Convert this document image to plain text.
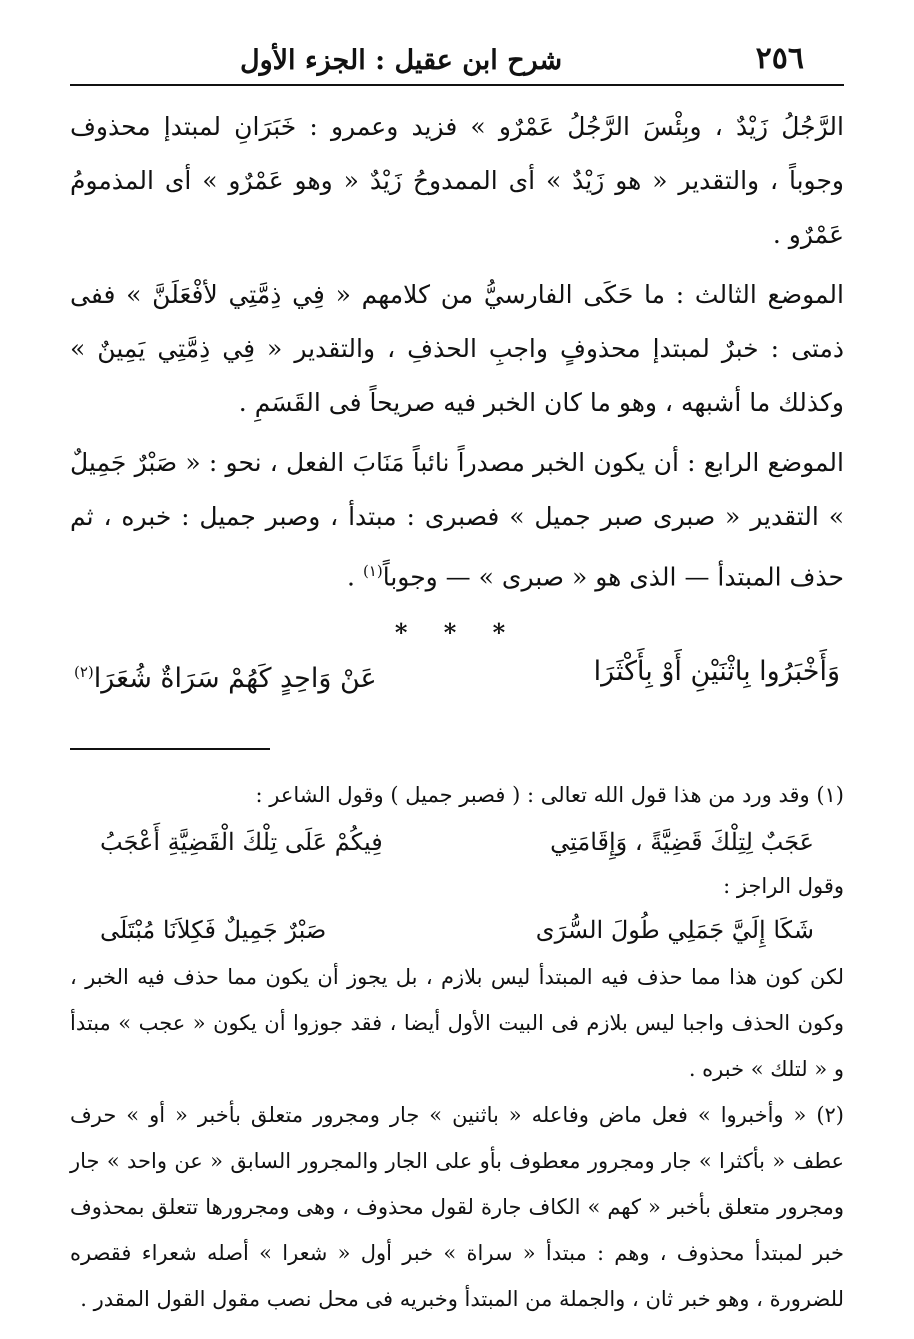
٢٥٦
شرح ابن عقيل : الجزء الأول

الرَّجُلُ زَيْدٌ ، وبِئْسَ الرَّجُلُ عَمْرٌو » فزيد وعمرو : خَبَرَانِ لمبتدإ محذوف وجوباً ، والتقدير « هو زَيْدٌ » أى الممدوحُ زَيْدٌ « وهو عَمْرٌو » أى المذمومُ عَمْرٌو .

الموضع الثالث : ما حَكَى الفارسيُّ من كلامهم « فِي ذِمَّتِي لأفْعَلَنَّ » ففى ذمتى : خبرٌ لمبتدإ محذوفٍ واجبِ الحذفِ ، والتقدير « فِي ذِمَّتِي يَمِينٌ » وكذلك ما أشبهه ، وهو ما كان الخبر فيه صريحاً فى القَسَمِ .

الموضع الرابع : أن يكون الخبر مصدراً نائباً مَنَابَ الفعل ، نحو : « صَبْرٌ جَمِيلٌ » التقدير « صبرى صبر جميل » فصبرى : مبتدأ ، وصبر جميل : خبره ، ثم حذف المبتدأ — الذى هو « صبرى » — وجوباً$^{(١)}$ .

* * *
وَأَخْبَرُوا بِاثْنَيْنِ أَوْ بِأَكْثَرَا
عَنْ وَاحِدٍ كَهُمْ سَرَاةٌ شُعَرَا$^{(٢)}$

(١) وقد ورد من هذا قول الله تعالى : ( فصبر جميل ) وقول الشاعر :

عَجَبٌ لِتِلْكَ قَضِيَّةً ، وَإِقَامَتِي
فِيكُمْ عَلَى تِلْكَ الْقَضِيَّةِ أَعْجَبُ

وقول الراجز :

شَكَا إِلَيَّ جَمَلِي طُولَ السُّرَى
صَبْرٌ جَمِيلٌ فَكِلاَنَا مُبْتَلَى

لكن كون هذا مما حذف فيه المبتدأ ليس بلازم ، بل يجوز أن يكون مما حذف فيه الخبر ، وكون الحذف واجبا ليس بلازم فى البيت الأول أيضا ، فقد جوزوا أن يكون « عجب » مبتدأ و « لتلك » خبره .

(٢) « وأخبروا » فعل ماض وفاعله « باثنين » جار ومجرور متعلق بأخبر « أو » حرف عطف « بأكثرا » جار ومجرور معطوف بأو على الجار والمجرور السابق « عن واحد » جار ومجرور متعلق بأخبر « كهم » الكاف جارة لقول محذوف ، وهى ومجرورها تتعلق بمحذوف خبر لمبتدأ محذوف ، وهم : مبتدأ « سراة » خبر أول « شعرا » أصله شعراء فقصره للضرورة ، وهو خبر ثان ، والجملة من المبتدأ وخبريه فى محل نصب مقول القول المقدر .
